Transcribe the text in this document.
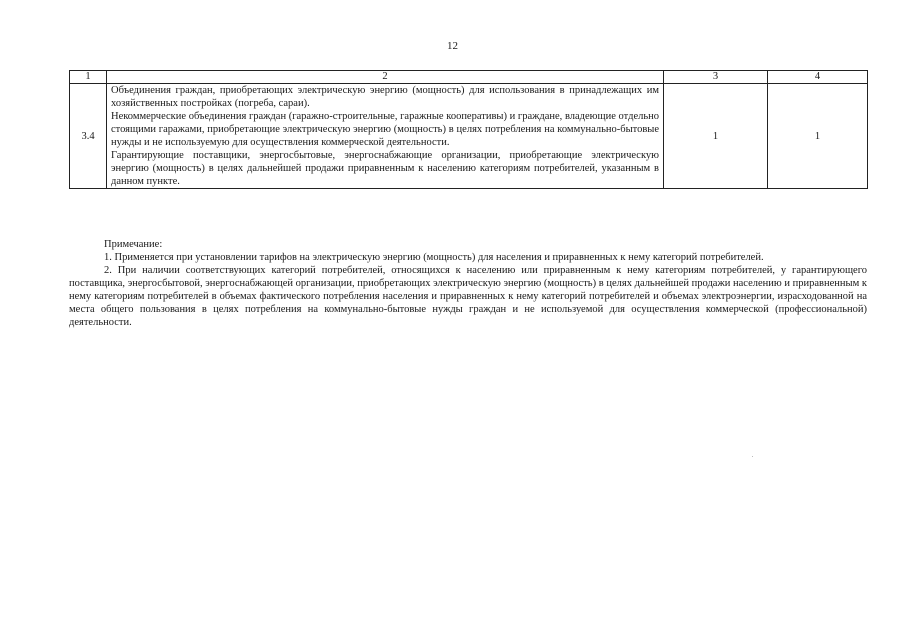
12
1	2	3	4
3.4	Объединения граждан, приобретающих электрическую энергию (мощность) для использования в принадлежащих им хозяйственных постройках (погреба, сараи).

Некоммерческие объединения граждан (гаражно-строительные, гаражные кооперативы) и граждане, владеющие отдельно стоящими гаражами, приобретающие электрическую энергию (мощность) в целях потребления на коммунально-бытовые нужды и не используемую для осуществления коммерческой деятельности.

Гарантирующие поставщики, энергосбытовые, энергоснабжающие организации, приобретающие электрическую энергию (мощность) в целях дальнейшей продажи приравненным к населению категориям потребителей, указанным в данном пункте.	1	1

Примечание:

1. Применяется при установлении тарифов на электрическую энергию (мощность) для населения и приравненных к нему категорий потребителей.

2. При наличии соответствующих категорий потребителей, относящихся к населению или приравненным к нему категориям потребителей, у гарантирующего поставщика, энергосбытовой, энергоснабжающей организации, приобретающих электрическую энергию (мощность) в целях дальнейшей продажи населению и приравненным к нему категориям потребителей в объемах фактического потребления населения и приравненных к нему категорий потребителей и объемах электроэнергии, израсходованной на места общего пользования в целях потребления на коммунально-бытовые нужды граждан и не используемой для осуществления коммерческой (профессиональной) деятельности.
